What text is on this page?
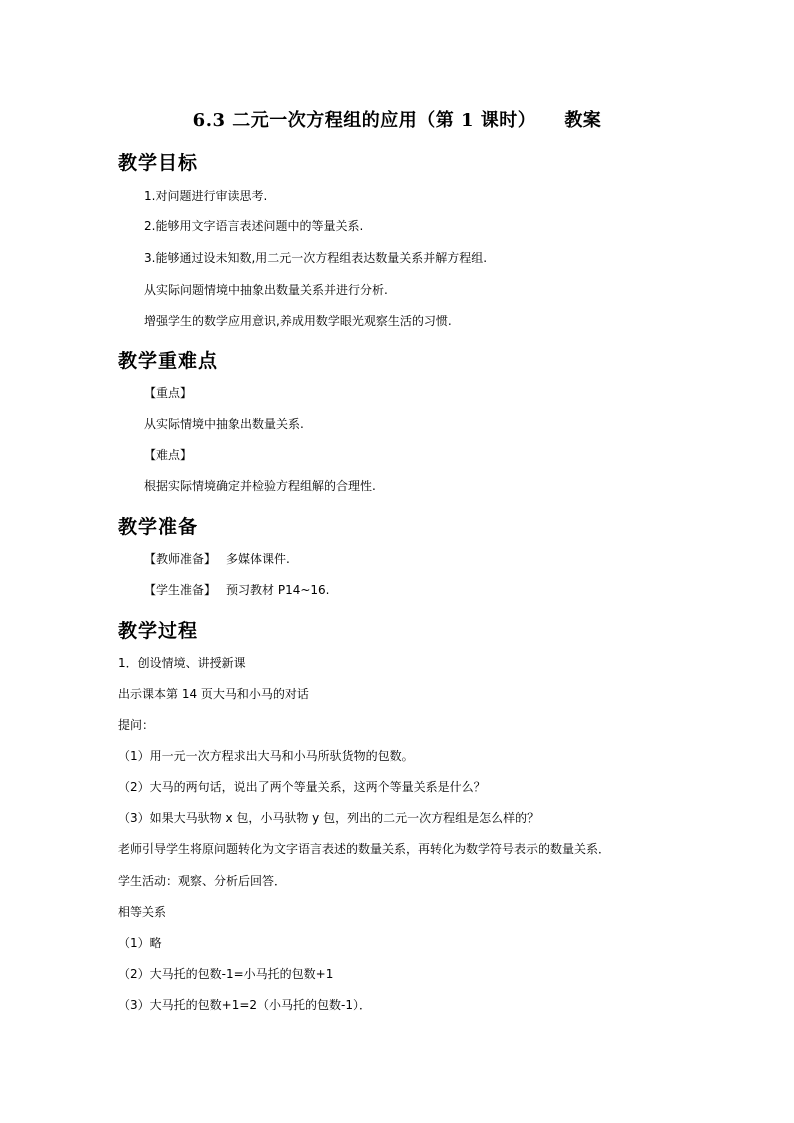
6.3 二元一次方程组的应用（第 1 课时） 教案
教学目标
1.对问题进行审读思考.
2.能够用文字语言表述问题中的等量关系.
3.能够通过设未知数,用二元一次方程组表达数量关系并解方程组.
从实际问题情境中抽象出数量关系并进行分析.
增强学生的数学应用意识,养成用数学眼光观察生活的习惯.
教学重难点
【重点】
从实际情境中抽象出数量关系.
【难点】
根据实际情境确定并检验方程组解的合理性.
教学准备
【教师准备】 多媒体课件.
【学生准备】 预习教材 P14~16.
教学过程
1．创设情境、讲授新课
出示课本第 14 页大马和小马的对话
提问：
（1）用一元一次方程求出大马和小马所驮货物的包数。
（2）大马的两句话，说出了两个等量关系，这两个等量关系是什么？
（3）如果大马驮物 x 包，小马驮物 y 包，列出的二元一次方程组是怎么样的？
老师引导学生将原问题转化为文字语言表述的数量关系，再转化为数学符号表示的数量关系．
学生活动：观察、分析后回答．
相等关系
（1）略
（2）大马托的包数-1=小马托的包数+1
（3）大马托的包数+1=2（小马托的包数-1）．
